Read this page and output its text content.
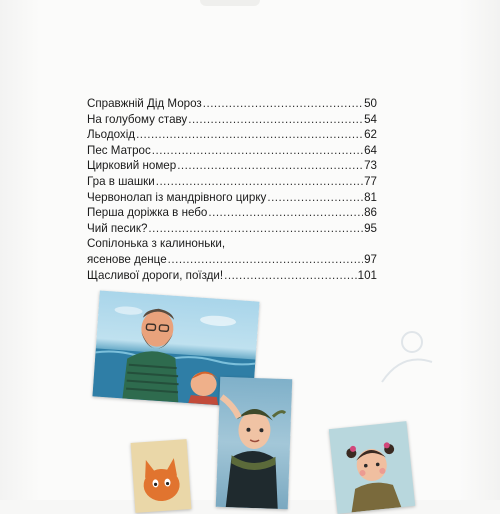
Справжній Дід Мороз .....	50
На голубому ставу .....	54
Льодохід .....	62
Пес Матрос .....	64
Цирковий номер .....	73
Гра в шашки .....	77
Червонолап із мандрівного цирку .....	81
Перша доріжка в небо .....	86
Чий песик? .....	95
Сопілонька з калиноньки,
ясенове денце .....	97
Щасливої дороги, поїзди! .....	101
